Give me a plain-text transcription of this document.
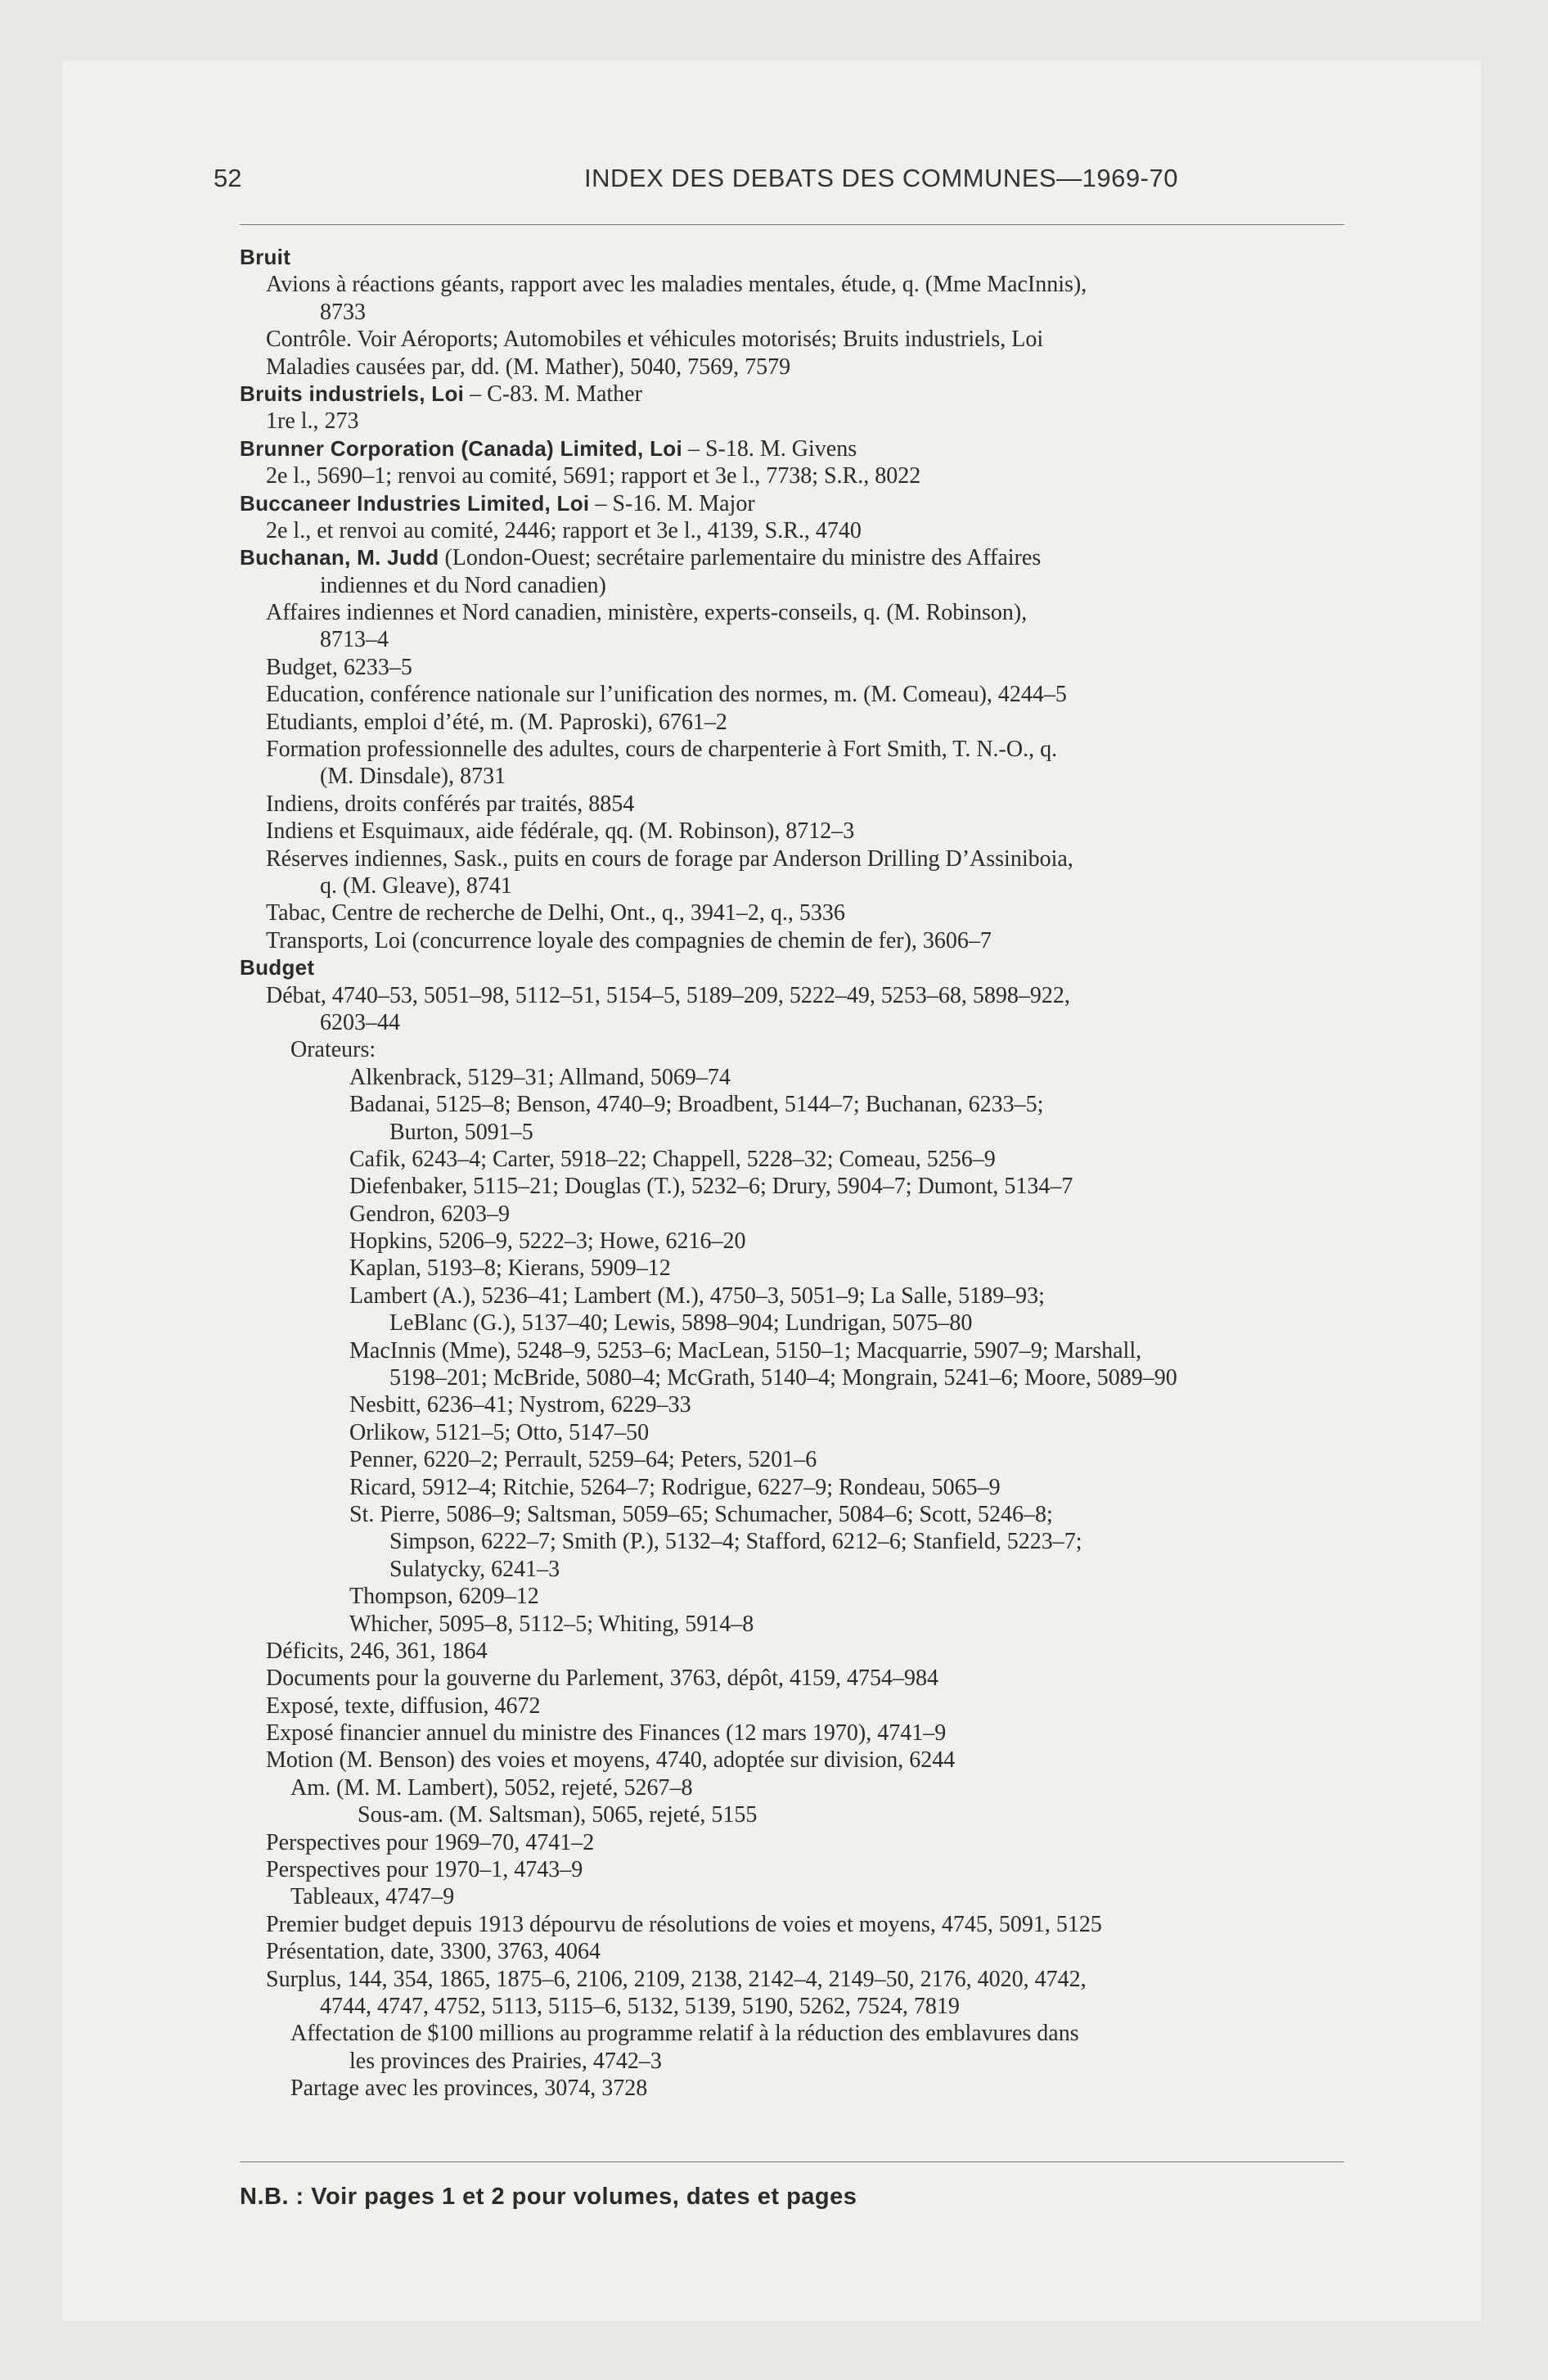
52	INDEX DES DEBATS DES COMMUNES—1969-70
Bruit
Avions à réactions géants, rapport avec les maladies mentales, étude, q. (Mme MacInnis),
8733
Contrôle. Voir Aéroports; Automobiles et véhicules motorisés; Bruits industriels, Loi
Maladies causées par, dd. (M. Mather), 5040, 7569, 7579
Bruits industriels, Loi – C-83. M. Mather
1re l., 273
Brunner Corporation (Canada) Limited, Loi – S-18. M. Givens
2e l., 5690–1; renvoi au comité, 5691; rapport et 3e l., 7738; S.R., 8022
Buccaneer Industries Limited, Loi – S-16. M. Major
2e l., et renvoi au comité, 2446; rapport et 3e l., 4139, S.R., 4740
Buchanan, M. Judd (London-Ouest; secrétaire parlementaire du ministre des Affaires
indiennes et du Nord canadien)
Affaires indiennes et Nord canadien, ministère, experts-conseils, q. (M. Robinson),
8713–4
Budget, 6233–5
Education, conférence nationale sur l’unification des normes, m. (M. Comeau), 4244–5
Etudiants, emploi d’été, m. (M. Paproski), 6761–2
Formation professionnelle des adultes, cours de charpenterie à Fort Smith, T. N.-O., q.
(M. Dinsdale), 8731
Indiens, droits conférés par traités, 8854
Indiens et Esquimaux, aide fédérale, qq. (M. Robinson), 8712–3
Réserves indiennes, Sask., puits en cours de forage par Anderson Drilling D’Assiniboia,
q. (M. Gleave), 8741
Tabac, Centre de recherche de Delhi, Ont., q., 3941–2, q., 5336
Transports, Loi (concurrence loyale des compagnies de chemin de fer), 3606–7
Budget
Débat, 4740–53, 5051–98, 5112–51, 5154–5, 5189–209, 5222–49, 5253–68, 5898–922,
6203–44
Orateurs:
Alkenbrack, 5129–31; Allmand, 5069–74
Badanai, 5125–8; Benson, 4740–9; Broadbent, 5144–7; Buchanan, 6233–5;
Burton, 5091–5
Cafik, 6243–4; Carter, 5918–22; Chappell, 5228–32; Comeau, 5256–9
Diefenbaker, 5115–21; Douglas (T.), 5232–6; Drury, 5904–7; Dumont, 5134–7
Gendron, 6203–9
Hopkins, 5206–9, 5222–3; Howe, 6216–20
Kaplan, 5193–8; Kierans, 5909–12
Lambert (A.), 5236–41; Lambert (M.), 4750–3, 5051–9; La Salle, 5189–93;
LeBlanc (G.), 5137–40; Lewis, 5898–904; Lundrigan, 5075–80
MacInnis (Mme), 5248–9, 5253–6; MacLean, 5150–1; Macquarrie, 5907–9; Marshall,
5198–201; McBride, 5080–4; McGrath, 5140–4; Mongrain, 5241–6; Moore, 5089–90
Nesbitt, 6236–41; Nystrom, 6229–33
Orlikow, 5121–5; Otto, 5147–50
Penner, 6220–2; Perrault, 5259–64; Peters, 5201–6
Ricard, 5912–4; Ritchie, 5264–7; Rodrigue, 6227–9; Rondeau, 5065–9
St. Pierre, 5086–9; Saltsman, 5059–65; Schumacher, 5084–6; Scott, 5246–8;
Simpson, 6222–7; Smith (P.), 5132–4; Stafford, 6212–6; Stanfield, 5223–7;
Sulatycky, 6241–3
Thompson, 6209–12
Whicher, 5095–8, 5112–5; Whiting, 5914–8
Déficits, 246, 361, 1864
Documents pour la gouverne du Parlement, 3763, dépôt, 4159, 4754–984
Exposé, texte, diffusion, 4672
Exposé financier annuel du ministre des Finances (12 mars 1970), 4741–9
Motion (M. Benson) des voies et moyens, 4740, adoptée sur division, 6244
Am. (M. M. Lambert), 5052, rejeté, 5267–8
Sous-am. (M. Saltsman), 5065, rejeté, 5155
Perspectives pour 1969–70, 4741–2
Perspectives pour 1970–1, 4743–9
Tableaux, 4747–9
Premier budget depuis 1913 dépourvu de résolutions de voies et moyens, 4745, 5091, 5125
Présentation, date, 3300, 3763, 4064
Surplus, 144, 354, 1865, 1875–6, 2106, 2109, 2138, 2142–4, 2149–50, 2176, 4020, 4742,
4744, 4747, 4752, 5113, 5115–6, 5132, 5139, 5190, 5262, 7524, 7819
Affectation de $100 millions au programme relatif à la réduction des emblavures dans
les provinces des Prairies, 4742–3
Partage avec les provinces, 3074, 3728
N.B. : Voir pages 1 et 2 pour volumes, dates et pages
